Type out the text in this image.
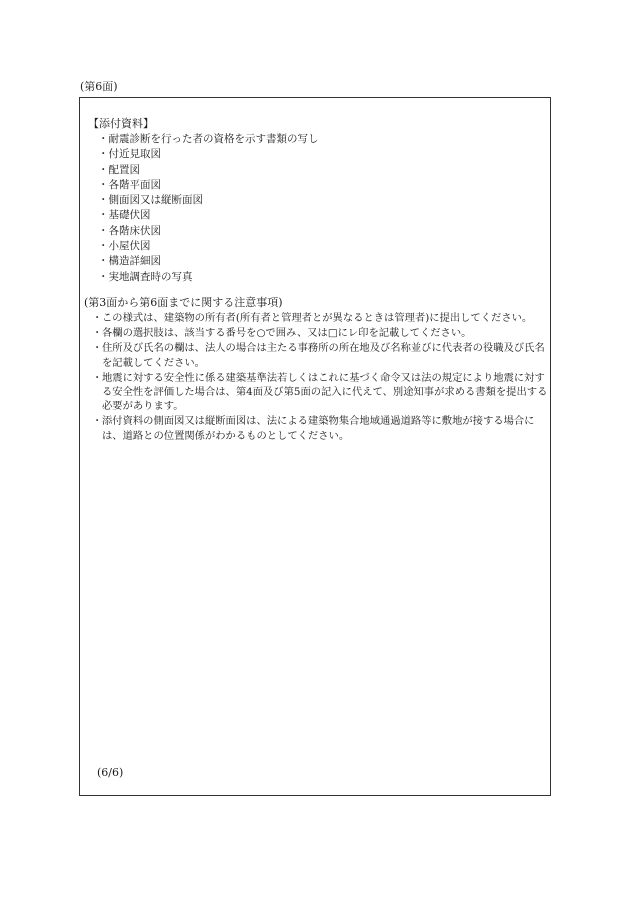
(第6面)
【添付資料】
・耐震診断を行った者の資格を示す書類の写し
・付近見取図
・配置図
・各階平面図
・側面図又は縦断面図
・基礎伏図
・各階床伏図
・小屋伏図
・構造詳細図
・実地調査時の写真
(第3面から第6面までに関する注意事項)
・ この様式は、建築物の所有者(所有者と管理者とが異なるときは管理者)に提出してください。
・ 各欄の選択肢は、該当する番号を○で囲み、又は□にレ印を記載してください。
・ 住所及び氏名の欄は、法人の場合は主たる事務所の所在地及び名称並びに代表者の役職及び氏名を記載してください。
・ 地震に対する安全性に係る建築基準法若しくはこれに基づく命令又は法の規定により地震に対する安全性を評価した場合は、第4面及び第5面の記入に代えて、別途知事が求める書類を提出する必要があります。
・ 添付資料の側面図又は縦断面図は、法による建築物集合地域通過道路等に敷地が接する場合には、道路との位置関係がわかるものとしてください。
(6/6)
